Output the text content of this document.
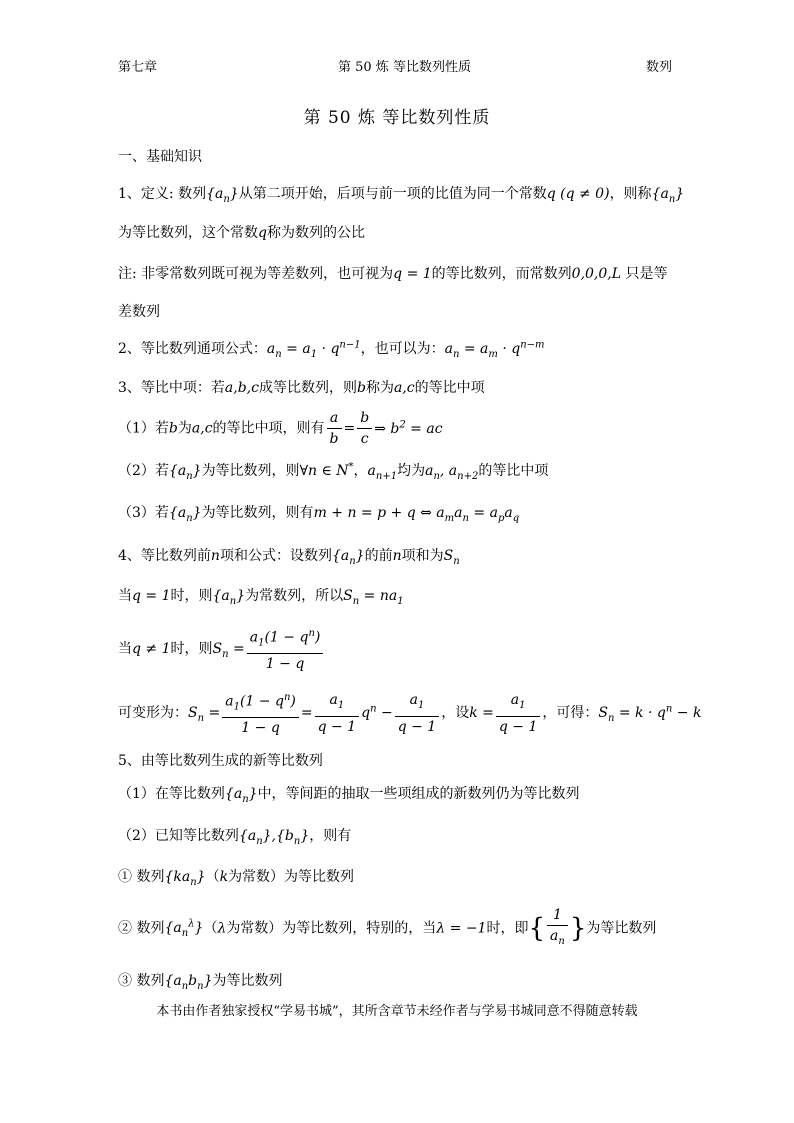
第七章	第 50 炼 等比数列性质	数列
第 50 炼 等比数列性质
一、基础知识
1、定义: 数列$\{a_n\}$从第二项开始，后项与前一项的比值为同一个常数q (q ≠ 0)，则称$\{a_n\}$
为等比数列，这个常数q称为数列的公比
注: 非零常数列既可视为等差数列，也可视为q = 1的等比数列，而常数列0,0,0,L 只是等
差数列
2、等比数列通项公式：$a_n = a_1 \cdot q^{n-1}$，也可以为：$a_n = a_m \cdot q^{n-m}$
3、等比中项：若a,b,c成等比数列，则b称为a,c的等比中项
（1）若b为a,c的等比中项，则有 $\frac{a}{b} = \frac{b}{c}$ ⇒ $b^2$ = ac
（2）若$\{a_n\}$为等比数列，则∀n ∈ N*，$a_{n+1}$均为$a_n$, $a_{n+2}$的等比中项
（3）若$\{a_n\}$为等比数列，则有m + n = p + q ⇔ $a_ma_n = a_pa_q$
4、等比数列前n项和公式：设数列$\{a_n\}$的前n项和为$S_n$
当q = 1时，则$\{a_n\}$为常数列，所以$S_n = na_1$
当q ≠ 1时，则$S_n = \frac{a_1(1 - q^n)}{1 - q}$
可变形为：$S_n = \frac{a_1(1 - q^n)}{1 - q} = \frac{a_1}{q - 1} q^n - \frac{a_1}{q - 1}$ ，设$k = \frac{a_1}{q - 1}$ ，可得：$S_n = k \cdot q^n - k$
5、由等比数列生成的新等比数列
（1）在等比数列$\{a_n\}$中，等间距的抽取一些项组成的新数列仍为等比数列
（2）已知等比数列$\{a_n\},\{b_n\}$，则有
① 数列$\{ka_n\}(k$为常数）为等比数列
② 数列$\{a_n^\lambda\}(\lambda$为常数）为等比数列，特别的，当λ = −1时，即{ $\frac{1}{a_n}$ }为等比数列
③ 数列$\{a_nb_n\}$为等比数列
本书由作者独家授权“学易书城”，其所含章节未经作者与学易书城同意不得随意转载
